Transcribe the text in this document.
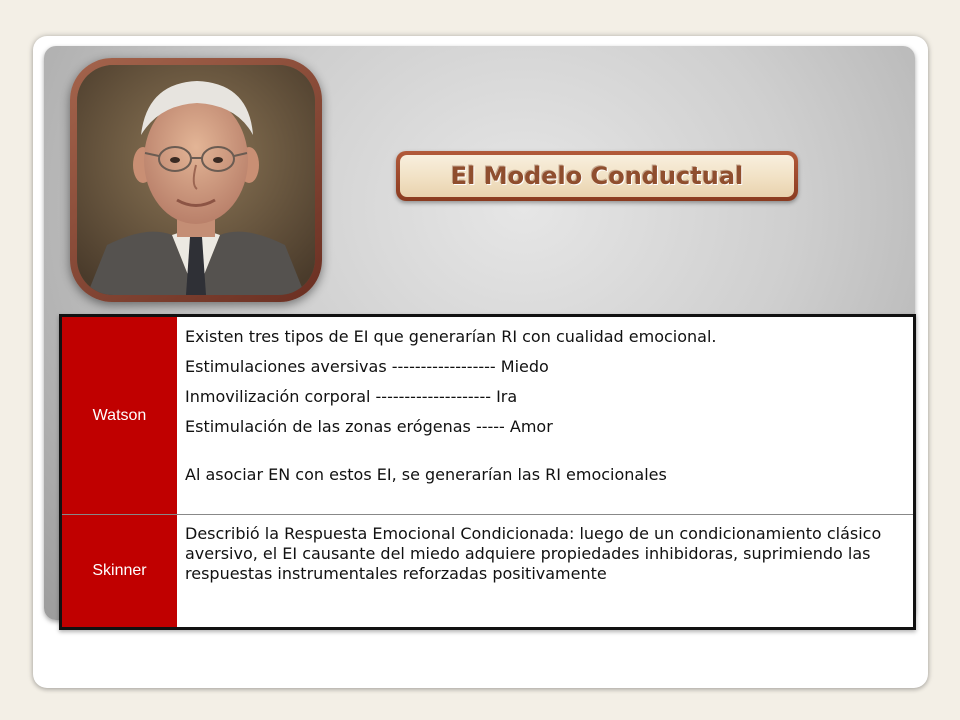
El Modelo Conductual
Watson	Existen tres tipos de EI que generarían RI con cualidad emocional.
Estimulaciones aversivas ------------------ Miedo
Inmovilización corporal -------------------- Ira
Estimulación de las zonas erógenas ----- Amor
Al asociar EN con estos EI, se generarían las RI emocionales

Skinner	Describió la Respuesta Emocional Condicionada: luego de un condicionamiento clásico aversivo, el EI causante del miedo adquiere propiedades inhibidoras, suprimiendo las respuestas instrumentales reforzadas positivamente
